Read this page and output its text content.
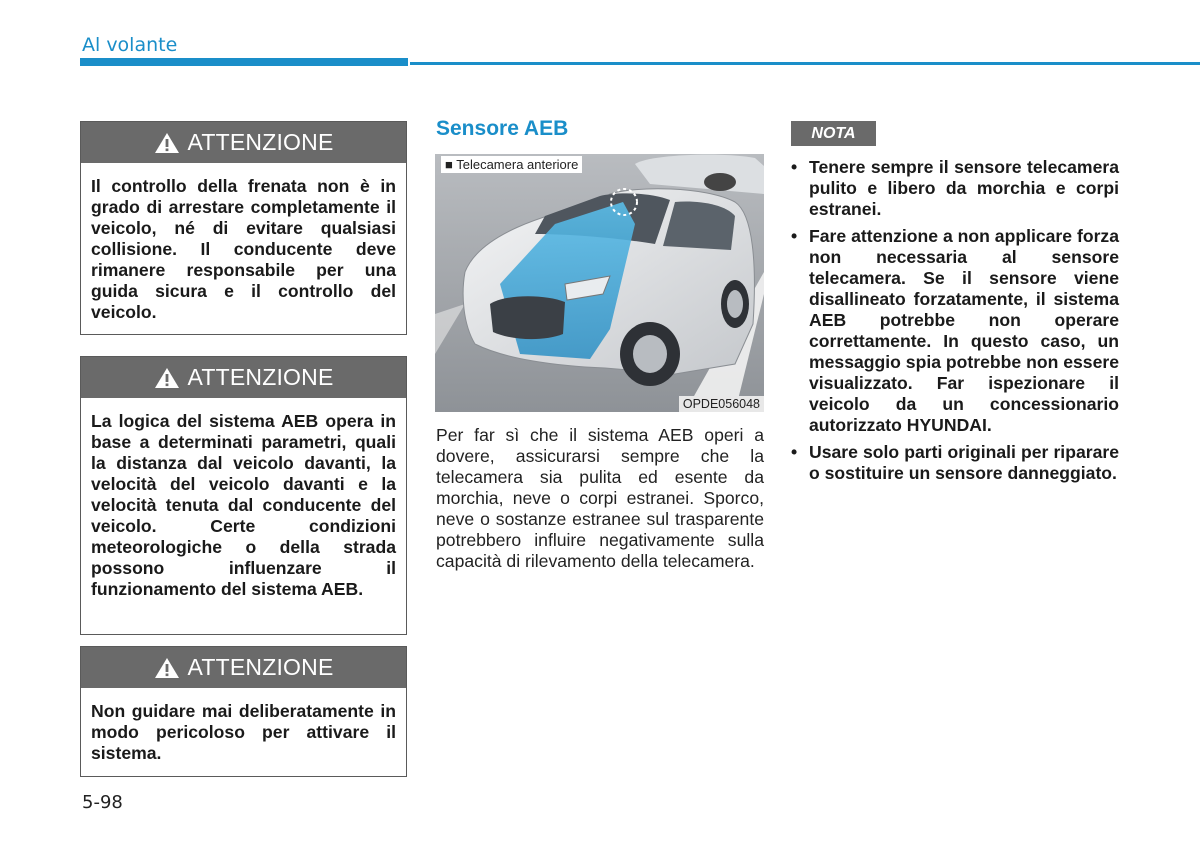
Al volante
ATTENZIONE
Il controllo della frenata non è in grado di arrestare completamente il veicolo, né di evitare qualsiasi collisione. Il conducente deve rimanere responsabile per una guida sicura e il controllo del veicolo.
ATTENZIONE
La logica del sistema AEB opera in base a determinati parametri, quali la distanza dal veicolo davanti, la velocità del veicolo davanti e la velocità tenuta dal conducente del veicolo. Certe condizioni meteorologiche o della strada possono influenzare il funzionamento del sistema AEB.
ATTENZIONE
Non guidare mai deliberatamente in modo pericoloso per attivare il sistema.
Sensore AEB
■ Telecamera anteriore
OPDE056048
Per far sì che il sistema AEB operi a dovere, assicurarsi sempre che la telecamera sia pulita ed esente da morchia, neve o corpi estranei. Sporco, neve o sostanze estranee sul trasparente potrebbero influire negativamente sulla capacità di rilevamento della telecamera.
NOTA
• Tenere sempre il sensore telecamera pulito e libero da morchia e corpi estranei.
• Fare attenzione a non applicare forza non necessaria al sensore telecamera. Se il sensore viene disallineato forzatamente, il sistema AEB potrebbe non operare correttamente. In questo caso, un messaggio spia potrebbe non essere visualizzato. Far ispezionare il veicolo da un concessionario autorizzato HYUNDAI.
• Usare solo parti originali per riparare o sostituire un sensore danneggiato.
5-98
